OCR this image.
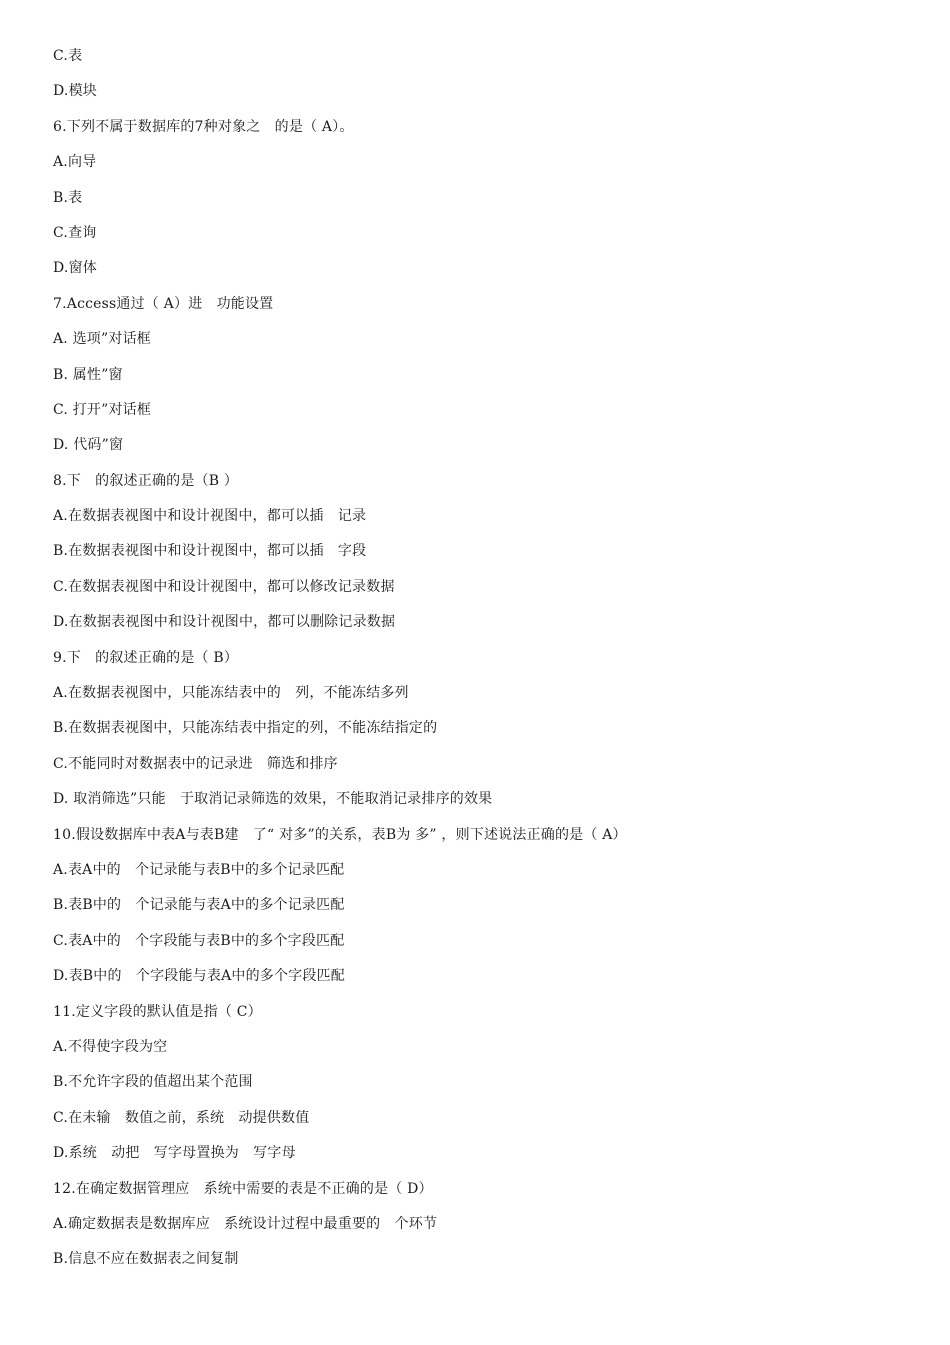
C.表
D.模块
6.下列不属于数据库的7种对象之　的是（ A）。
A.向导
B.表
C.查询
D.窗体
7.Access通过（ A）进　功能设置
A. 选项”对话框
B. 属性”窗
C. 打开”对话框
D. 代码”窗
8.下　的叙述正确的是（B ）
A.在数据表视图中和设计视图中，都可以插　记录
B.在数据表视图中和设计视图中，都可以插　字段
C.在数据表视图中和设计视图中，都可以修改记录数据
D.在数据表视图中和设计视图中，都可以删除记录数据
9.下　的叙述正确的是（ B）
A.在数据表视图中，只能冻结表中的　列，不能冻结多列
B.在数据表视图中，只能冻结表中指定的列，不能冻结指定的
C.不能同时对数据表中的记录进　筛选和排序
D. 取消筛选”只能　于取消记录筛选的效果，不能取消记录排序的效果
10.假设数据库中表A与表B建　了“ 对多”的关系，表B为 多” ，则下述说法正确的是（ A）
A.表A中的　个记录能与表B中的多个记录匹配
B.表B中的　个记录能与表A中的多个记录匹配
C.表A中的　个字段能与表B中的多个字段匹配
D.表B中的　个字段能与表A中的多个字段匹配
11.定义字段的默认值是指（ C）
A.不得使字段为空
B.不允许字段的值超出某个范围
C.在未输　数值之前，系统　动提供数值
D.系统　动把　写字母置换为　写字母
12.在确定数据管理应　系统中需要的表是不正确的是（ D）
A.确定数据表是数据库应　系统设计过程中最重要的　个环节
B.信息不应在数据表之间复制
